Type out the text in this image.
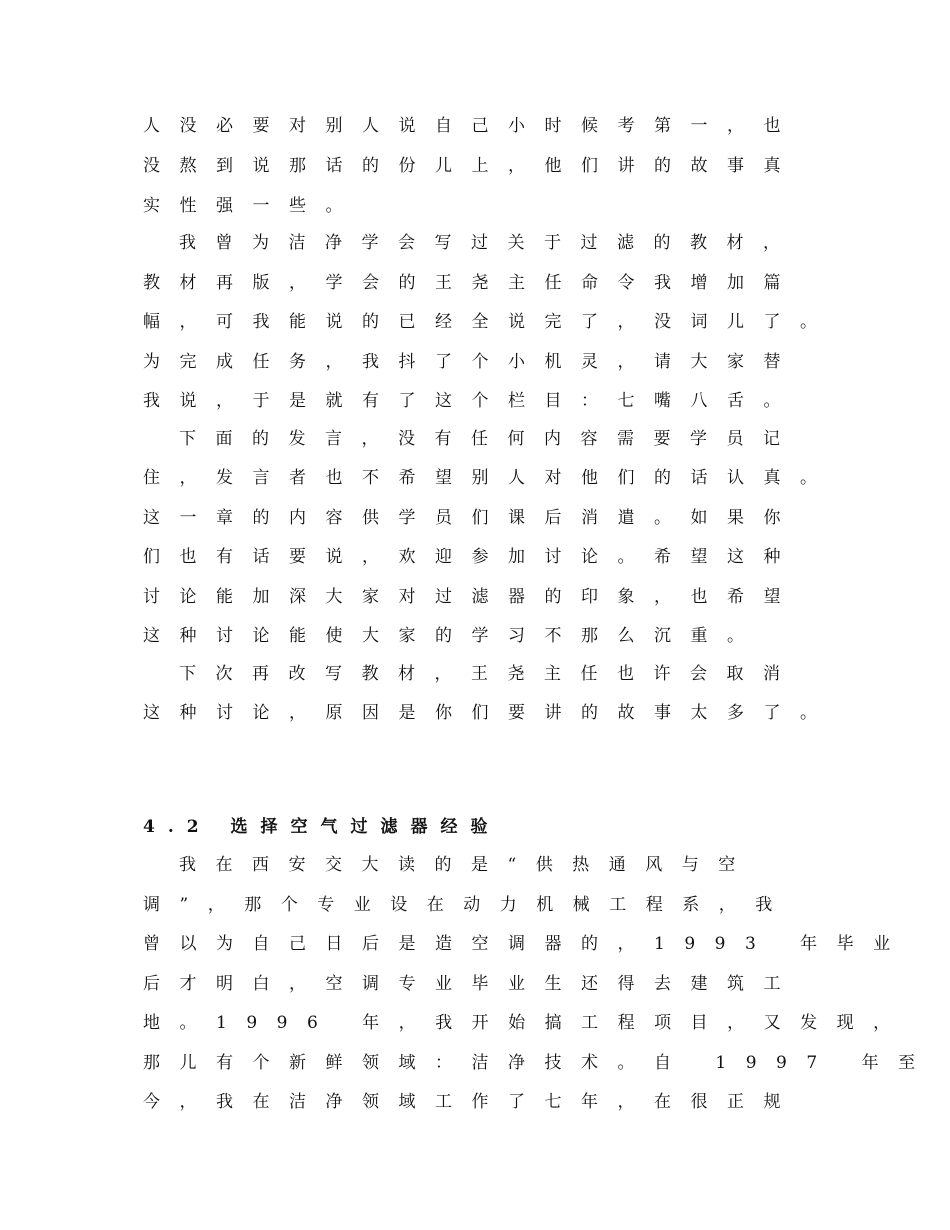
人没必要对别人说自己小时候考第一，也
没熬到说那话的份儿上，他们讲的故事真
实性强一些。
我曾为洁净学会写过关于过滤的教材，
教材再版，学会的王尧主任命令我增加篇
幅，可我能说的已经全说完了，没词儿了。
为完成任务，我抖了个小机灵，请大家替
我说，于是就有了这个栏目：七嘴八舌。
下面的发言，没有任何内容需要学员记
住，发言者也不希望别人对他们的话认真。
这一章的内容供学员们课后消遣。如果你
们也有话要说，欢迎参加讨论。希望这种
讨论能加深大家对过滤器的印象，也希望
这种讨论能使大家的学习不那么沉重。
下次再改写教材，王尧主任也许会取消
这种讨论，原因是你们要讲的故事太多了。
4.2 选择空气过滤器经验
我在西安交大读的是“供热通风与空
调”，那个专业设在动力机械工程系，我
曾以为自己日后是造空调器的，1993 年毕业
后才明白，空调专业毕业生还得去建筑工
地。1996 年，我开始搞工程项目，又发现，
那儿有个新鲜领域：洁净技术。自 1997 年至
今，我在洁净领域工作了七年，在很正规
